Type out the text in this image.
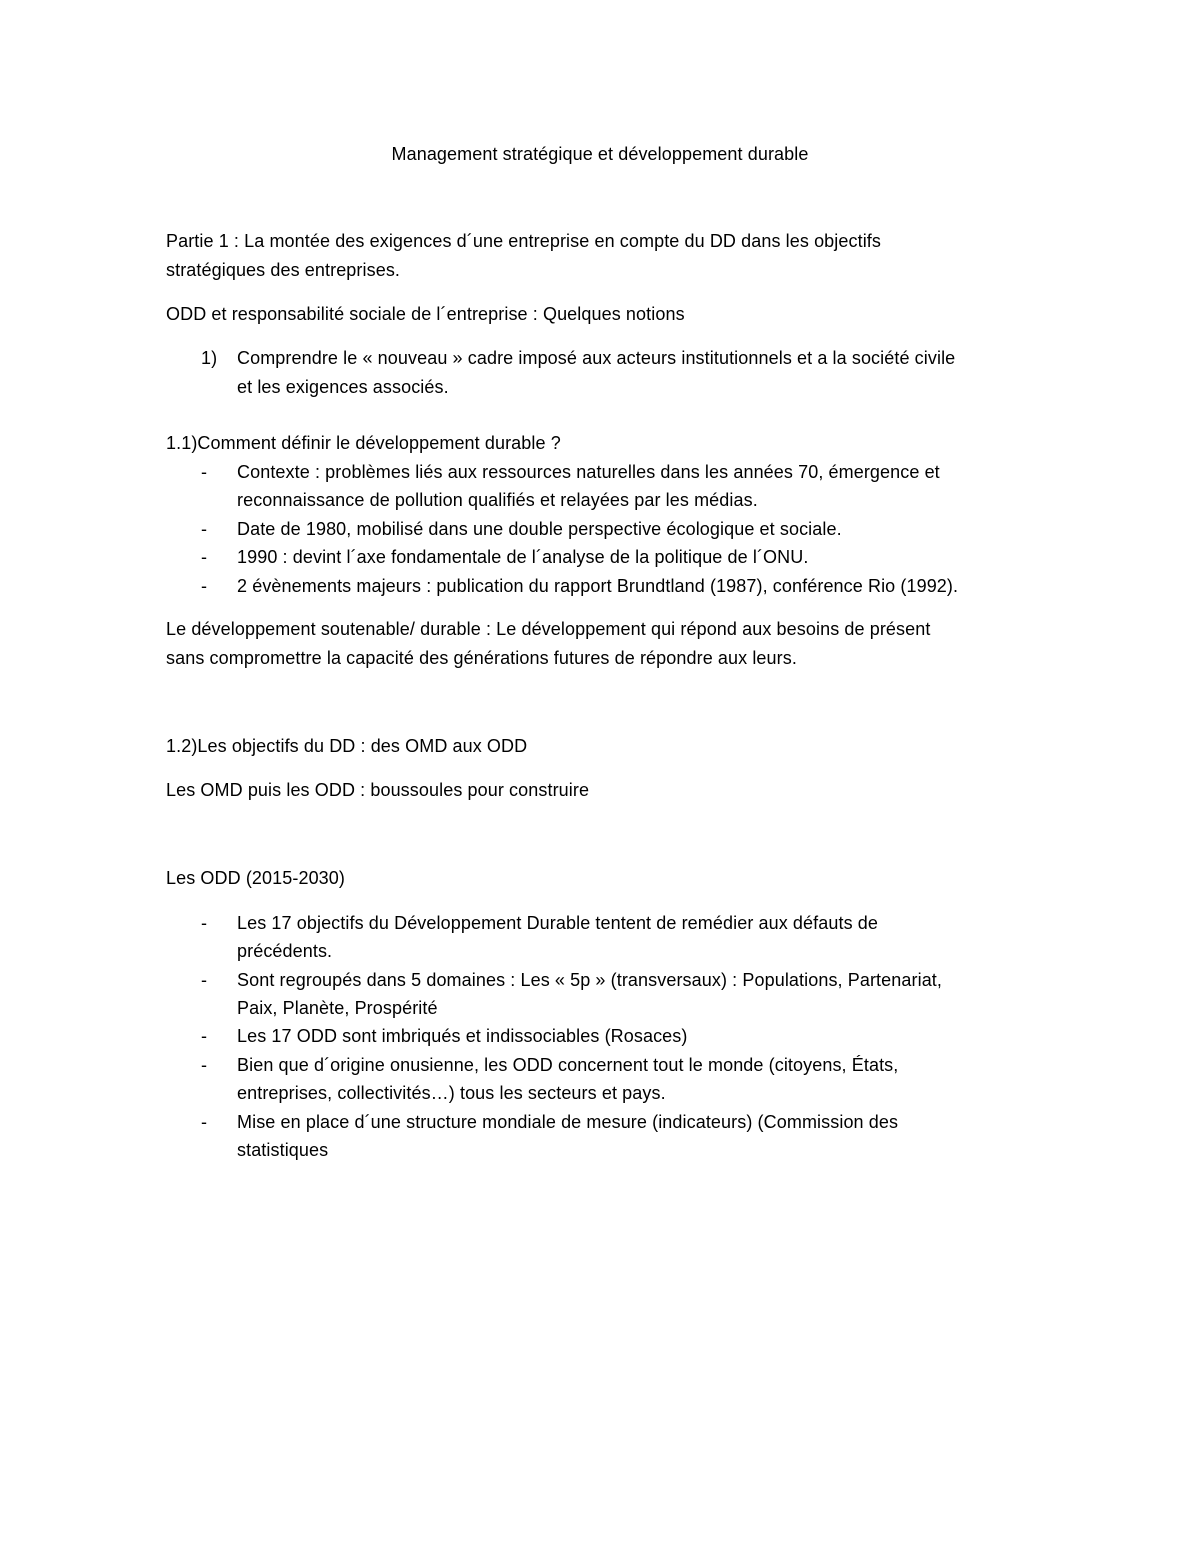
Management stratégique et développement durable
Partie 1 : La montée des exigences d´une entreprise en compte du DD dans les objectifs
stratégiques des entreprises.
ODD et responsabilité sociale de l´entreprise : Quelques notions
1) Comprendre le « nouveau » cadre imposé aux acteurs institutionnels et a la société civile
et les exigences associés.
1.1)Comment définir le développement durable ?
- Contexte : problèmes liés aux ressources naturelles dans les années 70, émergence et
reconnaissance de pollution qualifiés et relayées par les médias.
- Date de 1980, mobilisé dans une double perspective écologique et sociale.
- 1990 : devint l´axe fondamentale de l´analyse de la politique de l´ONU.
- 2 évènements majeurs : publication du rapport Brundtland (1987), conférence Rio (1992).
Le développement soutenable/ durable : Le développement qui répond aux besoins de présent
sans compromettre la capacité des générations futures de répondre aux leurs.
1.2)Les objectifs du DD : des OMD aux ODD
Les OMD puis les ODD : boussoules pour construire
Les ODD (2015-2030)
- Les 17 objectifs du Développement Durable tentent de remédier aux défauts de
précédents.
- Sont regroupés dans 5 domaines : Les « 5p » (transversaux) : Populations, Partenariat,
Paix, Planète, Prospérité
- Les 17 ODD sont imbriqués et indissociables (Rosaces)
- Bien que d´origine onusienne, les ODD concernent tout le monde (citoyens, États,
entreprises, collectivités…) tous les secteurs et pays.
- Mise en place d´une structure mondiale de mesure (indicateurs) (Commission des
statistiques
